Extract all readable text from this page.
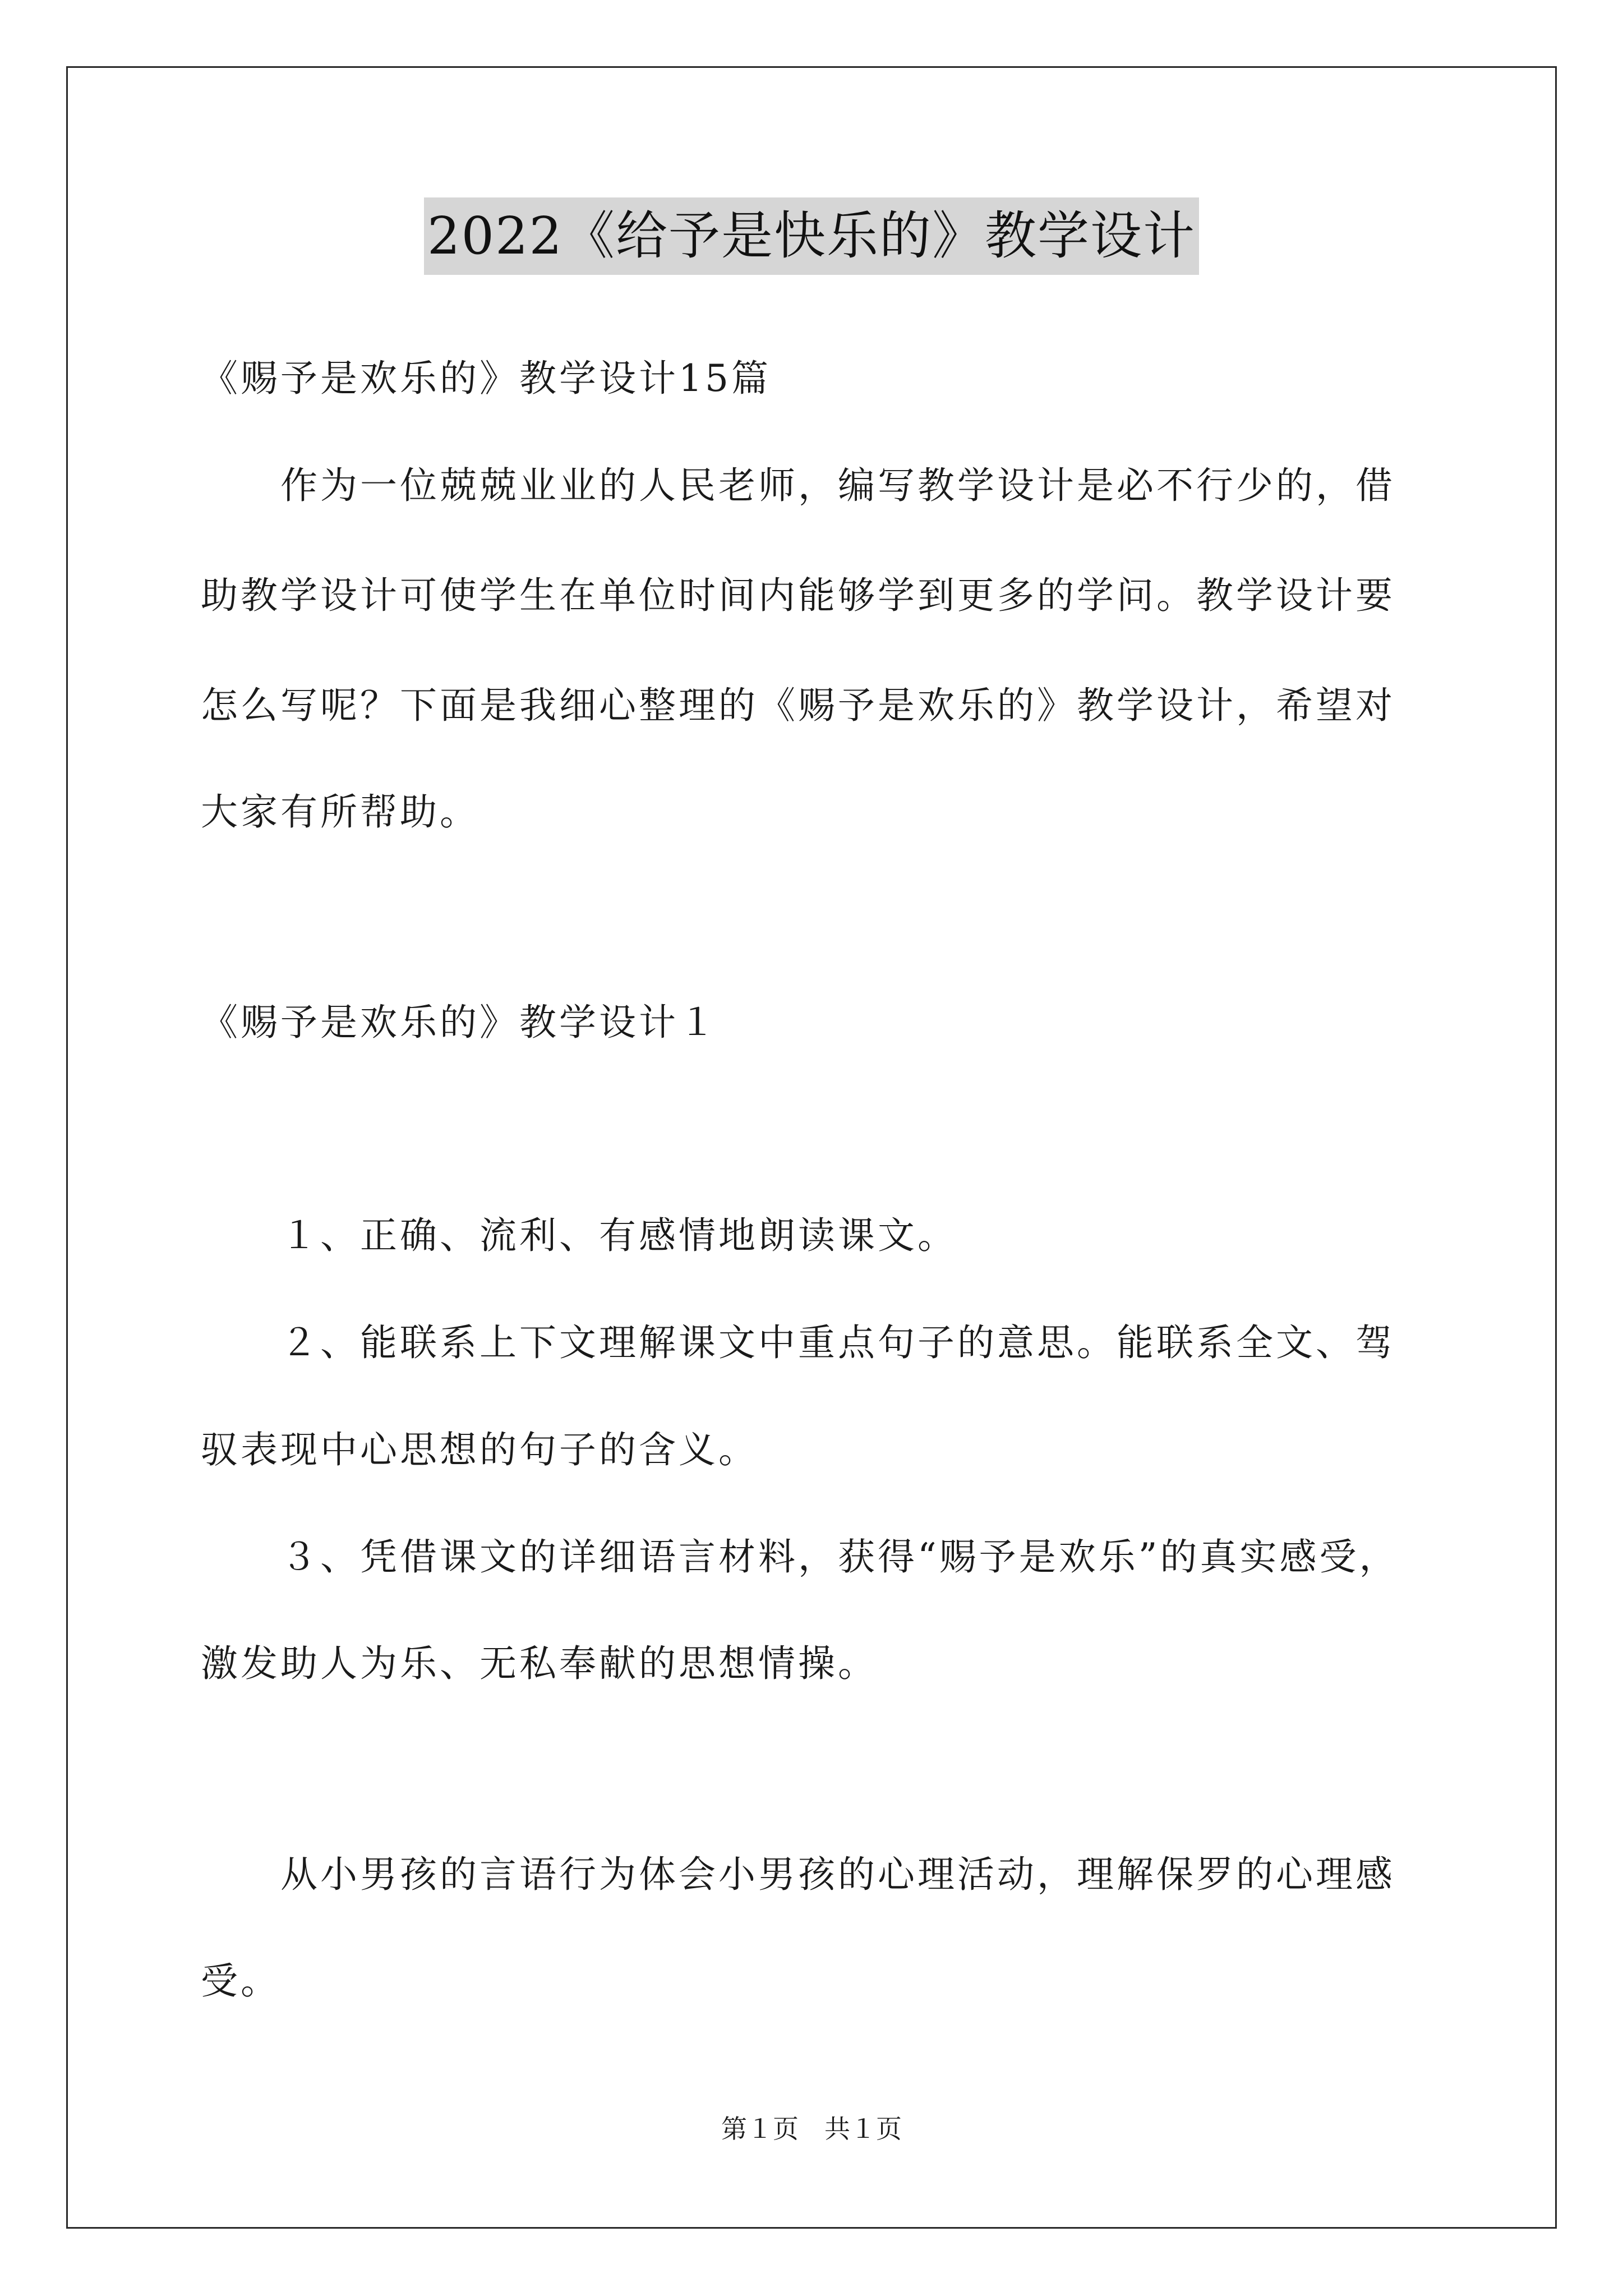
2022《给予是快乐的》教学设计
《赐予是欢乐的》教学设计15篇
作为一位兢兢业业的人民老师，编写教学设计是必不行少的，借
助教学设计可使学生在单位时间内能够学到更多的学问。教学设计要
怎么写呢？下面是我细心整理的《赐予是欢乐的》教学设计，希望对
大家有所帮助。
《赐予是欢乐的》教学设计１
１、正确、流利、有感情地朗读课文。
２、能联系上下文理解课文中重点句子的意思。能联系全文、驾
驭表现中心思想的句子的含义。
３、凭借课文的详细语言材料，获得“赐予是欢乐”的真实感受，
激发助人为乐、无私奉献的思想情操。
从小男孩的言语行为体会小男孩的心理活动，理解保罗的心理感
受。
第１页　共１页
